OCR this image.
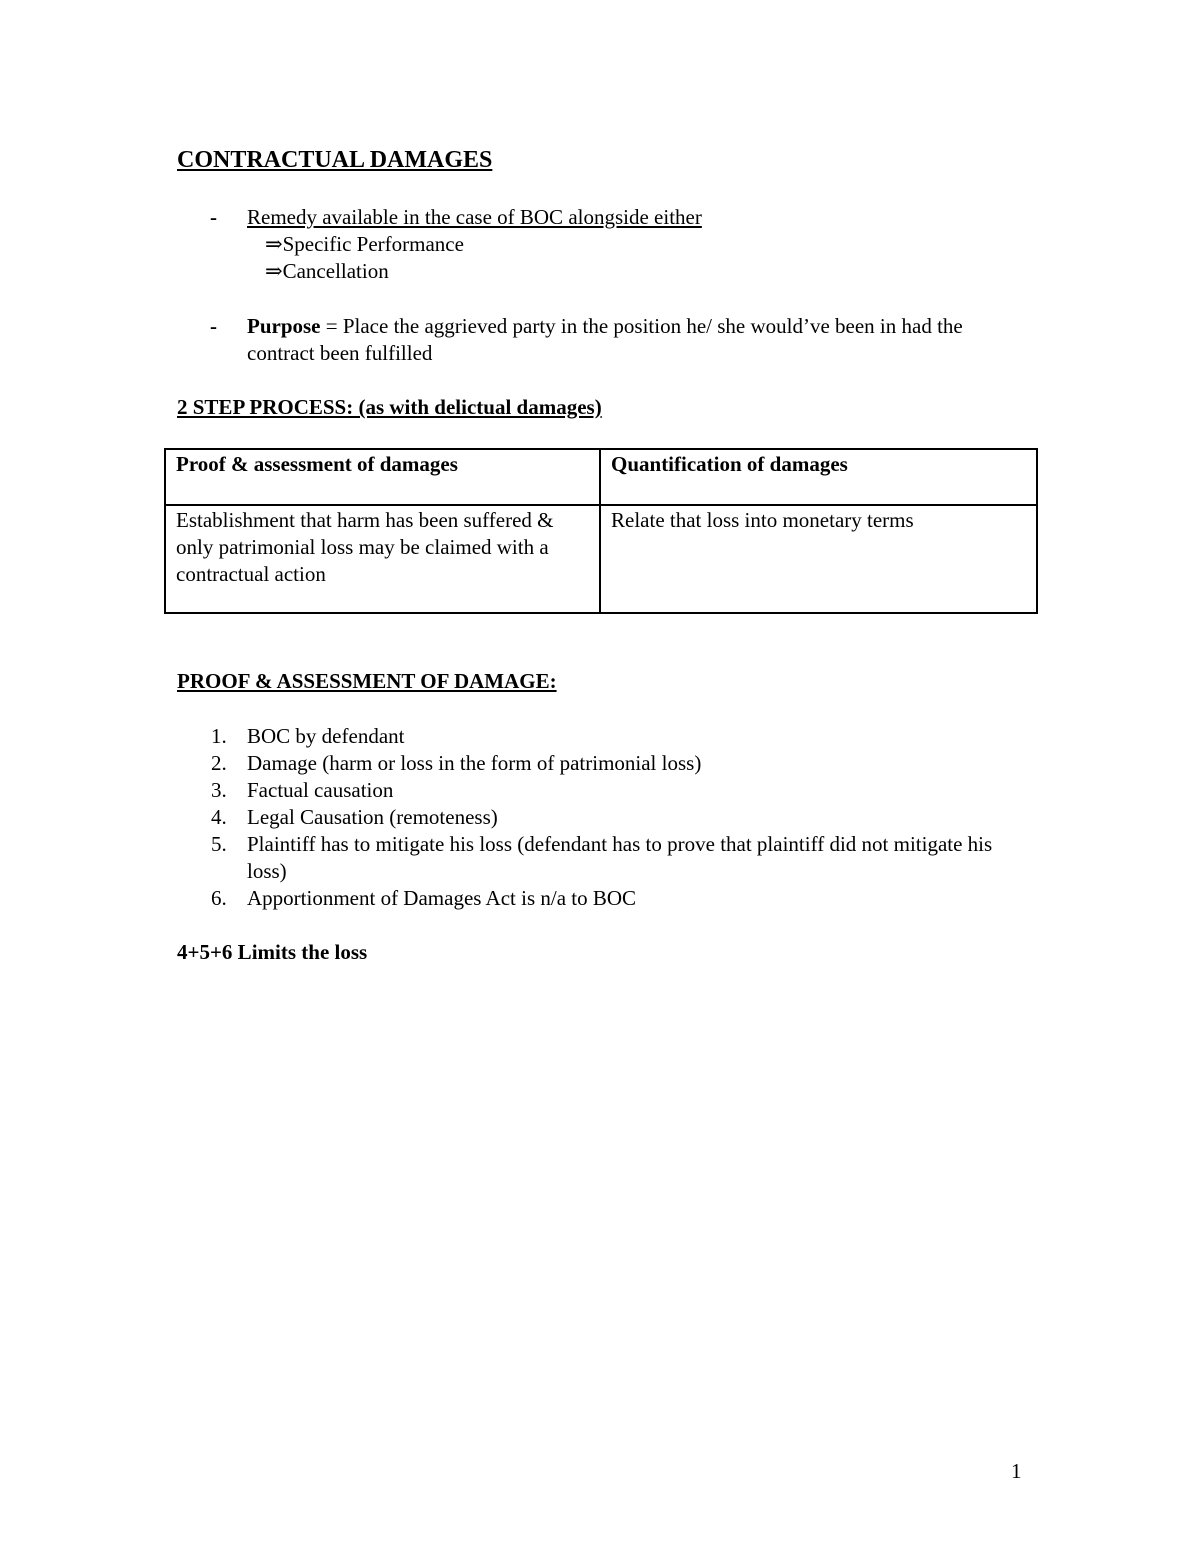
CONTRACTUAL DAMAGES
- Remedy available in the case of BOC alongside either
⇒Specific Performance
⇒Cancellation
- Purpose = Place the aggrieved party in the position he/ she would’ve been in had the contract been fulfilled
2 STEP PROCESS: (as with delictual damages)
Proof & assessment of damages	Quantification of damages
Establishment that harm has been suffered & only patrimonial loss may be claimed with a contractual action	Relate that loss into monetary terms
PROOF & ASSESSMENT OF DAMAGE:
1. BOC by defendant
2. Damage (harm or loss in the form of patrimonial loss)
3. Factual causation
4. Legal Causation (remoteness)
5. Plaintiff has to mitigate his loss (defendant has to prove that plaintiff did not mitigate his loss)
6. Apportionment of Damages Act is n/a to BOC

4+5+6 Limits the loss

1
